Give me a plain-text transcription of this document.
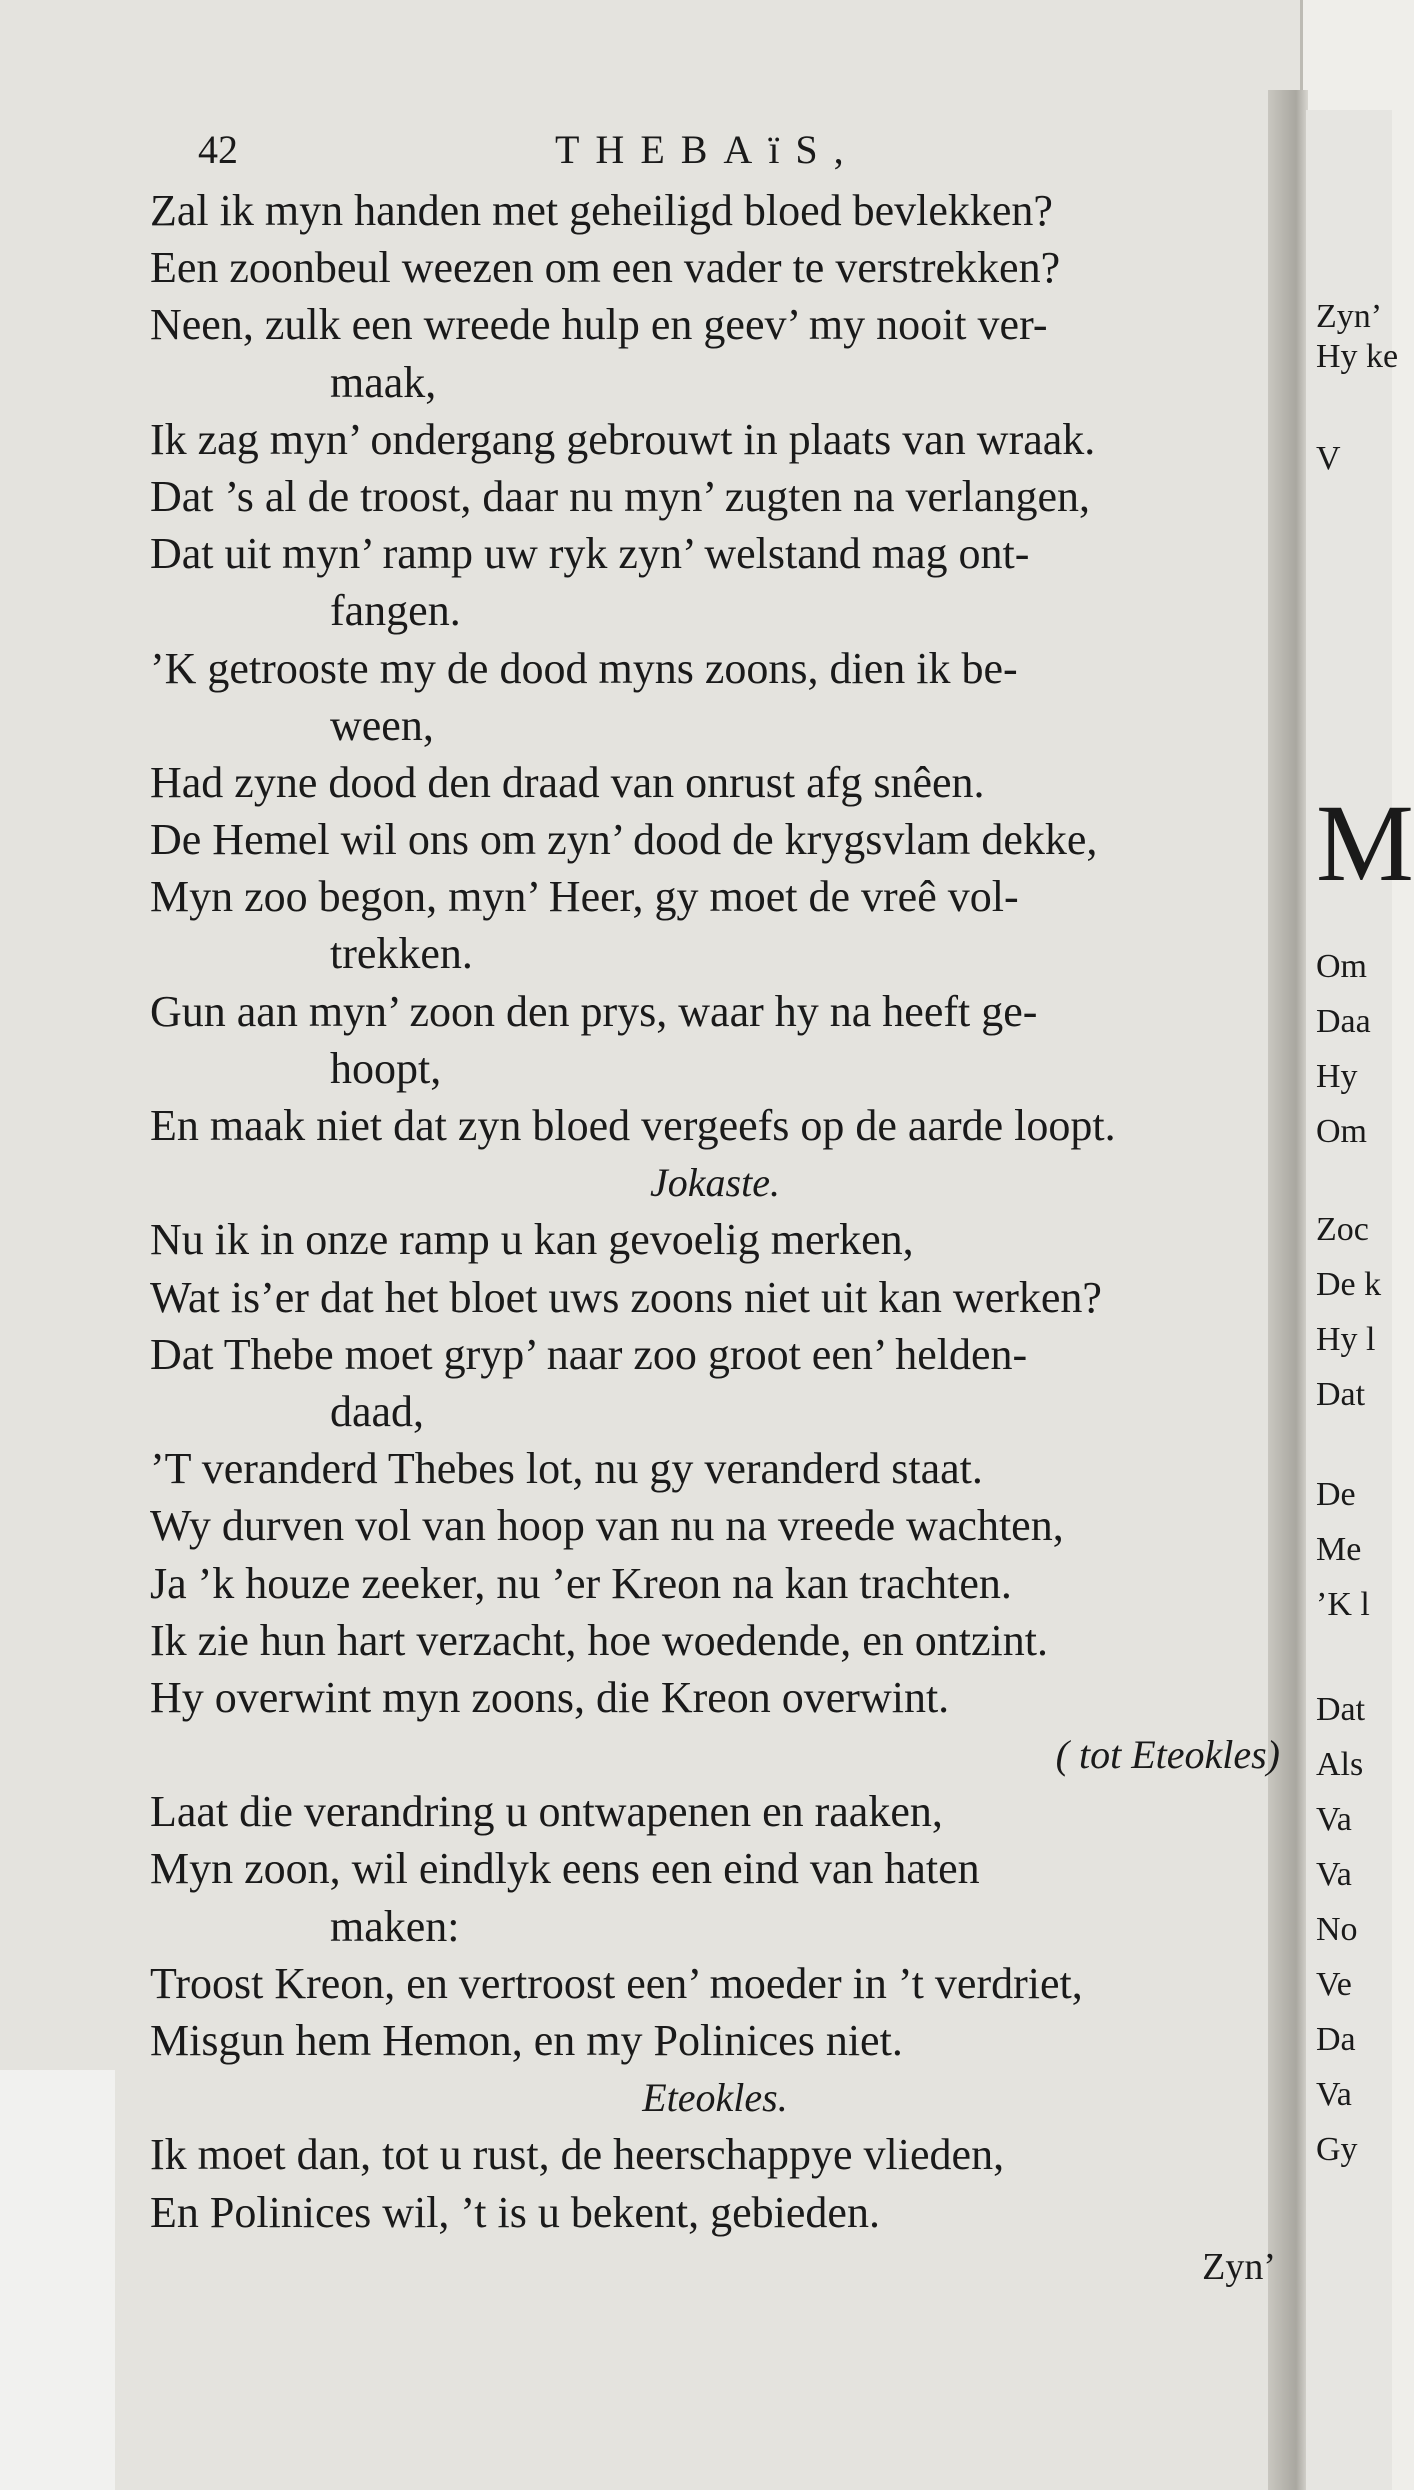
Zyn’
Hy ke
V
M
Om
Daa
Hy
Om
Zoc
De k
Hy l
Dat
De
Me
’K l
Dat
Als
Va
Va
No
Ve
Da
Va
Gy
42	THEBAïS,
Zal ik myn handen met geheiligd bloed bevlekken?
Een zoonbeul weezen om een vader te verstrekken?
Neen, zulk een wreede hulp en geev’ my nooit ver-
maak,
Ik zag myn’ ondergang gebrouwt in plaats van wraak.
Dat ’s al de troost, daar nu myn’ zugten na verlangen,
Dat uit myn’ ramp uw ryk zyn’ welstand mag ont-
fangen.
’K getrooste my de dood myns zoons, dien ik be-
ween,
Had zyne dood den draad van onrust afg snêen.
De Hemel wil ons om zyn’ dood de krygsvlam dekke,
Myn zoo begon, myn’ Heer, gy moet de vreê vol-
trekken.
Gun aan myn’ zoon den prys, waar hy na heeft ge-
hoopt,
En maak niet dat zyn bloed vergeefs op de aarde loopt.
Jokaste.
Nu ik in onze ramp u kan gevoelig merken,
Wat is’er dat het bloet uws zoons niet uit kan werken?
Dat Thebe moet gryp’ naar zoo groot een’ helden-
daad,
’T veranderd Thebes lot, nu gy veranderd staat.
Wy durven vol van hoop van nu na vreede wachten,
Ja ’k houze zeeker, nu ’er Kreon na kan trachten.
Ik zie hun hart verzacht, hoe woedende, en ontzint.
Hy overwint myn zoons, die Kreon overwint.
( tot Eteokles)
Laat die verandring u ontwapenen en raaken,
Myn zoon, wil eindlyk eens een eind van haten
maken:
Troost Kreon, en vertroost een’ moeder in ’t verdriet,
Misgun hem Hemon, en my Polinices niet.
Eteokles.
Ik moet dan, tot u rust, de heerschappye vlieden,
En Polinices wil, ’t is u bekent, gebieden.
Zyn’
